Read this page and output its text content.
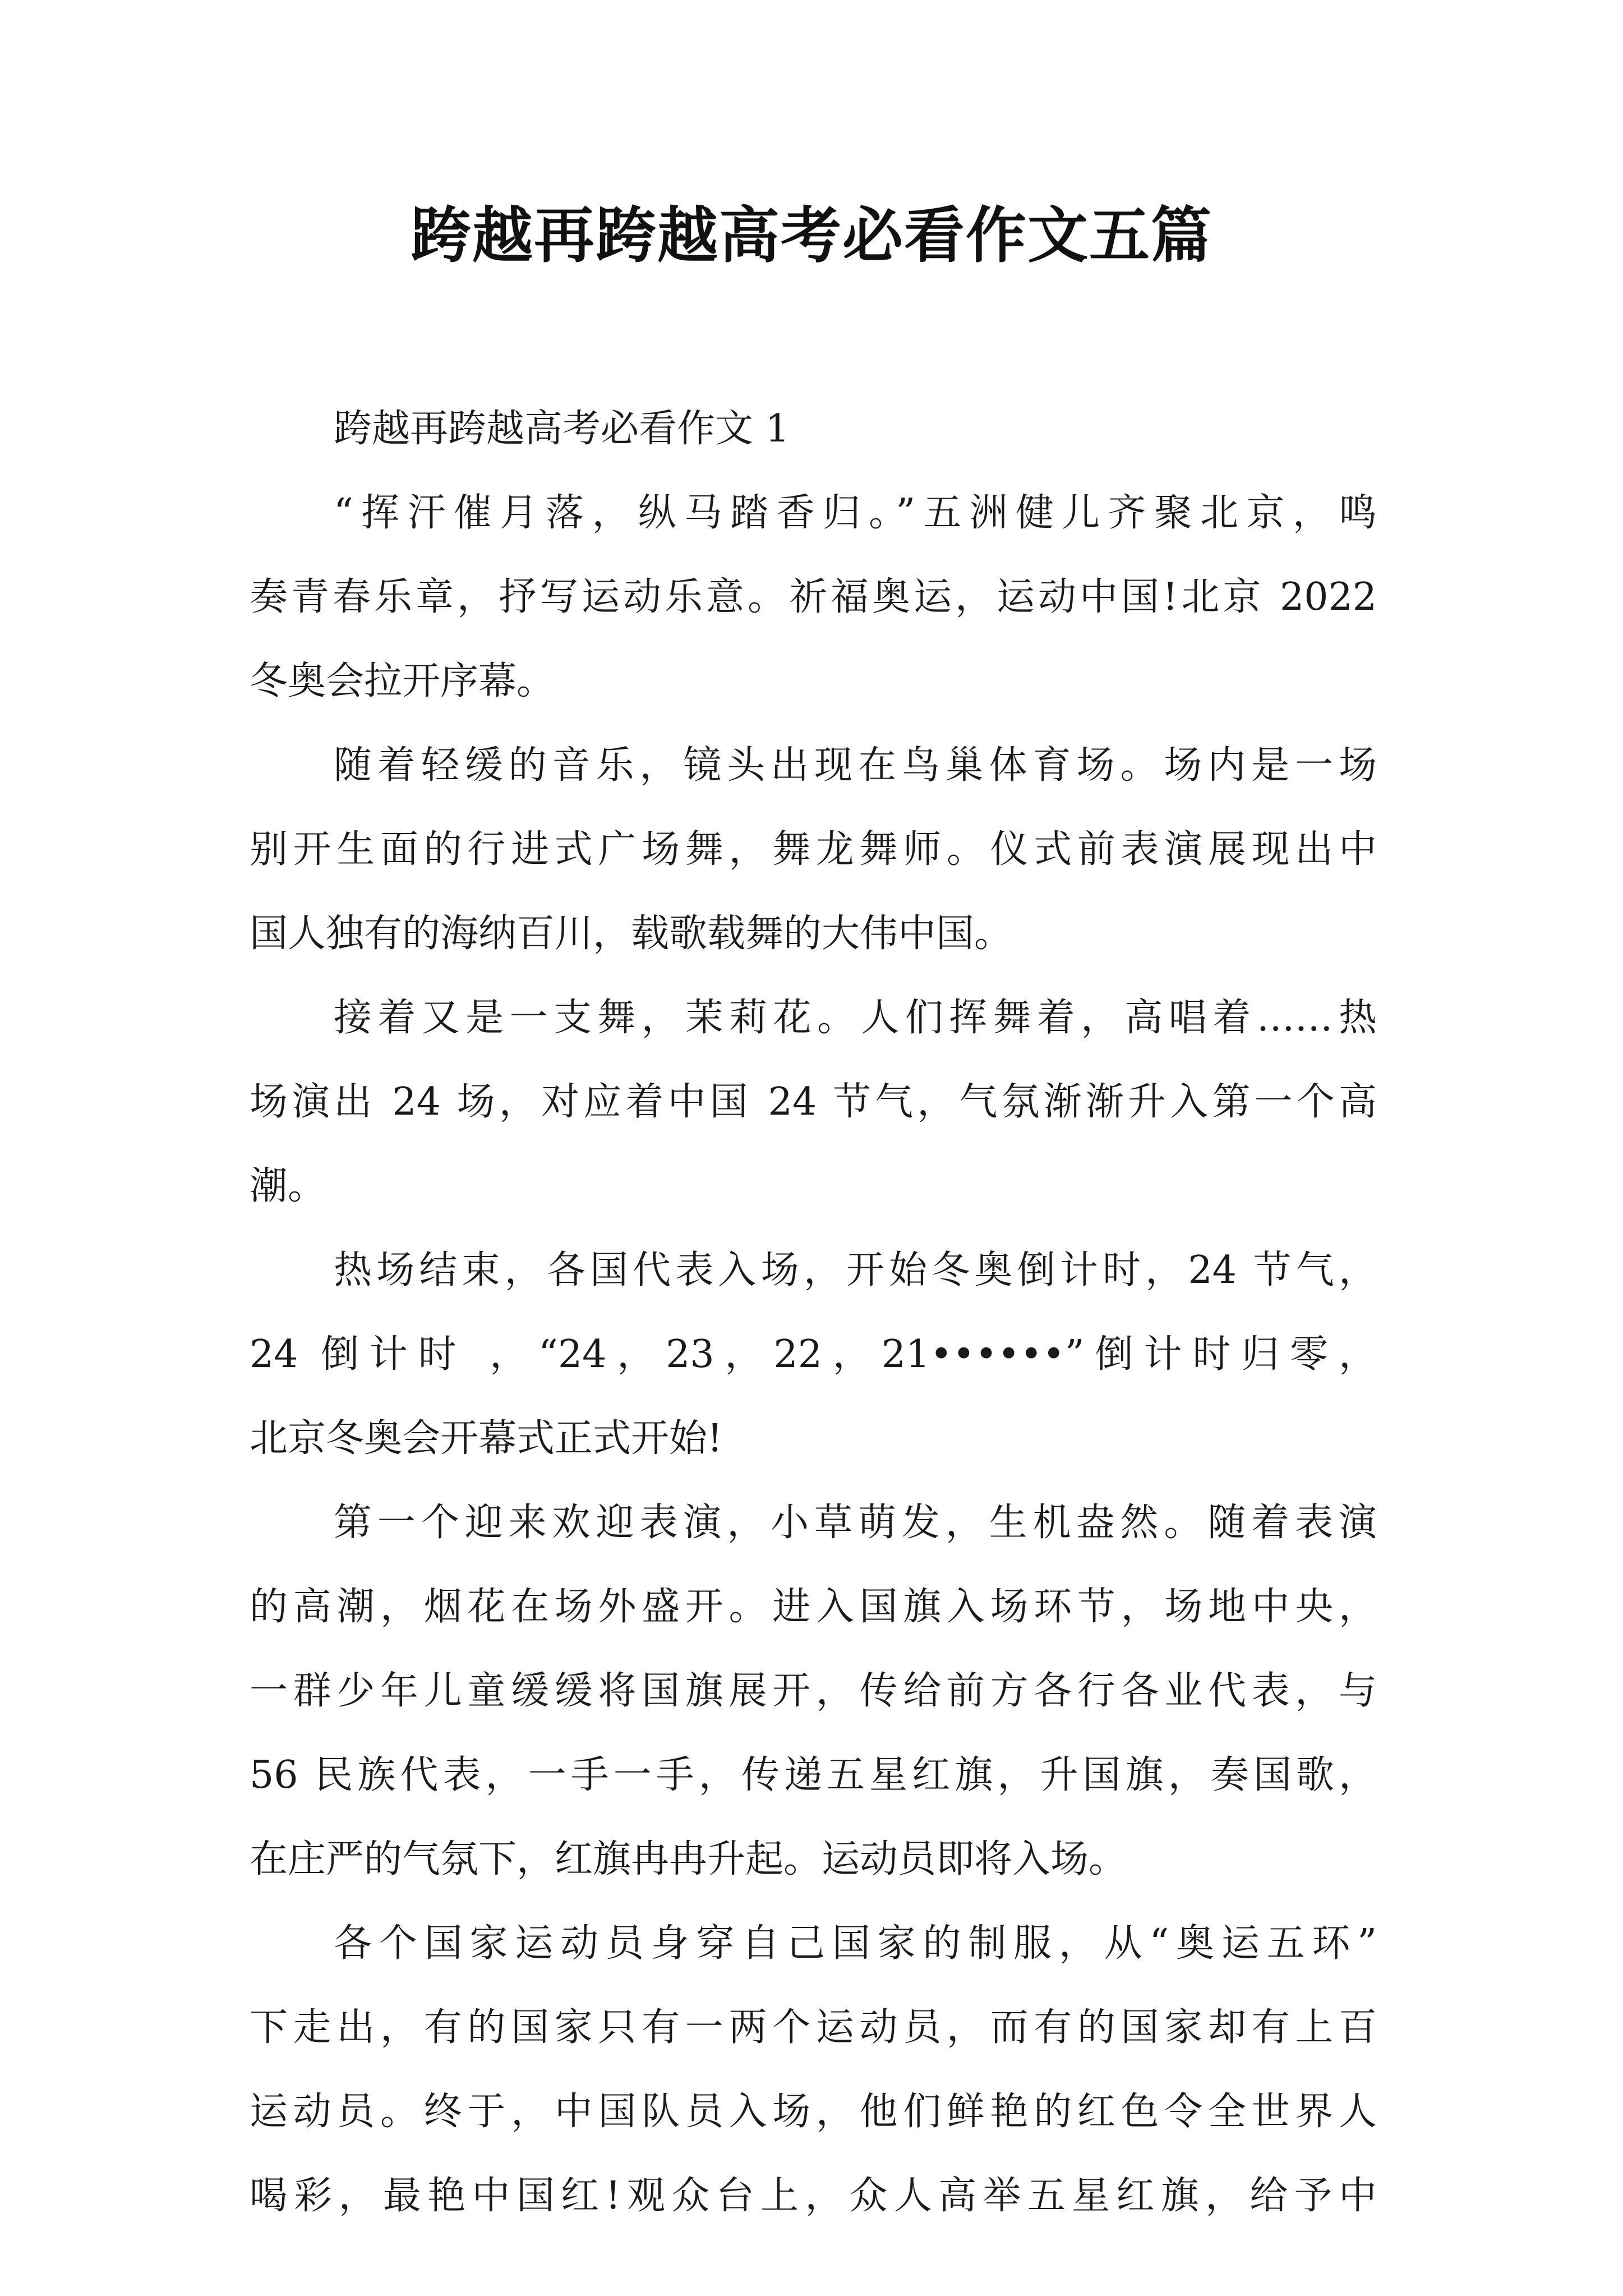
跨越再跨越高考必看作文五篇
跨越再跨越高考必看作文 1
“挥汗催月落，纵马踏香归。”五洲健儿齐聚北京，鸣
奏青春乐章，抒写运动乐意。祈福奥运，运动中国!北京 2022
冬奥会拉开序幕。
随着轻缓的音乐，镜头出现在鸟巢体育场。场内是一场
别开生面的行进式广场舞，舞龙舞师。仪式前表演展现出中
国人独有的海纳百川，载歌载舞的大伟中国。
接着又是一支舞，茉莉花。人们挥舞着，高唱着……热
场演出 24 场，对应着中国 24 节气，气氛渐渐升入第一个高
潮。
热场结束，各国代表入场，开始冬奥倒计时，24 节气，
24 倒计时 ，“24，23，22，21••••••”倒计时归零，
北京冬奥会开幕式正式开始!
第一个迎来欢迎表演，小草萌发，生机盎然。随着表演
的高潮，烟花在场外盛开。进入国旗入场环节，场地中央，
一群少年儿童缓缓将国旗展开，传给前方各行各业代表，与
56 民族代表，一手一手，传递五星红旗，升国旗，奏国歌，
在庄严的气氛下，红旗冉冉升起。运动员即将入场。
各个国家运动员身穿自己国家的制服，从“奥运五环”
下走出，有的国家只有一两个运动员，而有的国家却有上百
运动员。终于，中国队员入场，他们鲜艳的红色令全世界人
喝彩，最艳中国红!观众台上，众人高举五星红旗，给予中
